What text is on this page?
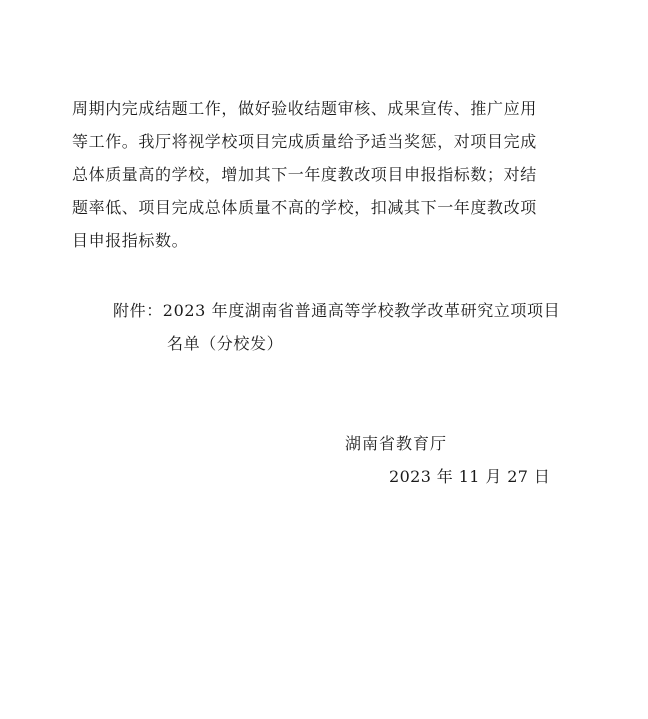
周期内完成结题工作，做好验收结题审核、成果宣传、推广应用
等工作。我厅将视学校项目完成质量给予适当奖惩，对项目完成
总体质量高的学校，增加其下一年度教改项目申报指标数；对结
题率低、项目完成总体质量不高的学校，扣减其下一年度教改项
目申报指标数。
附件：2023 年度湖南省普通高等学校教学改革研究立项项目
名单（分校发）
湖南省教育厅
2023 年 11 月 27 日
